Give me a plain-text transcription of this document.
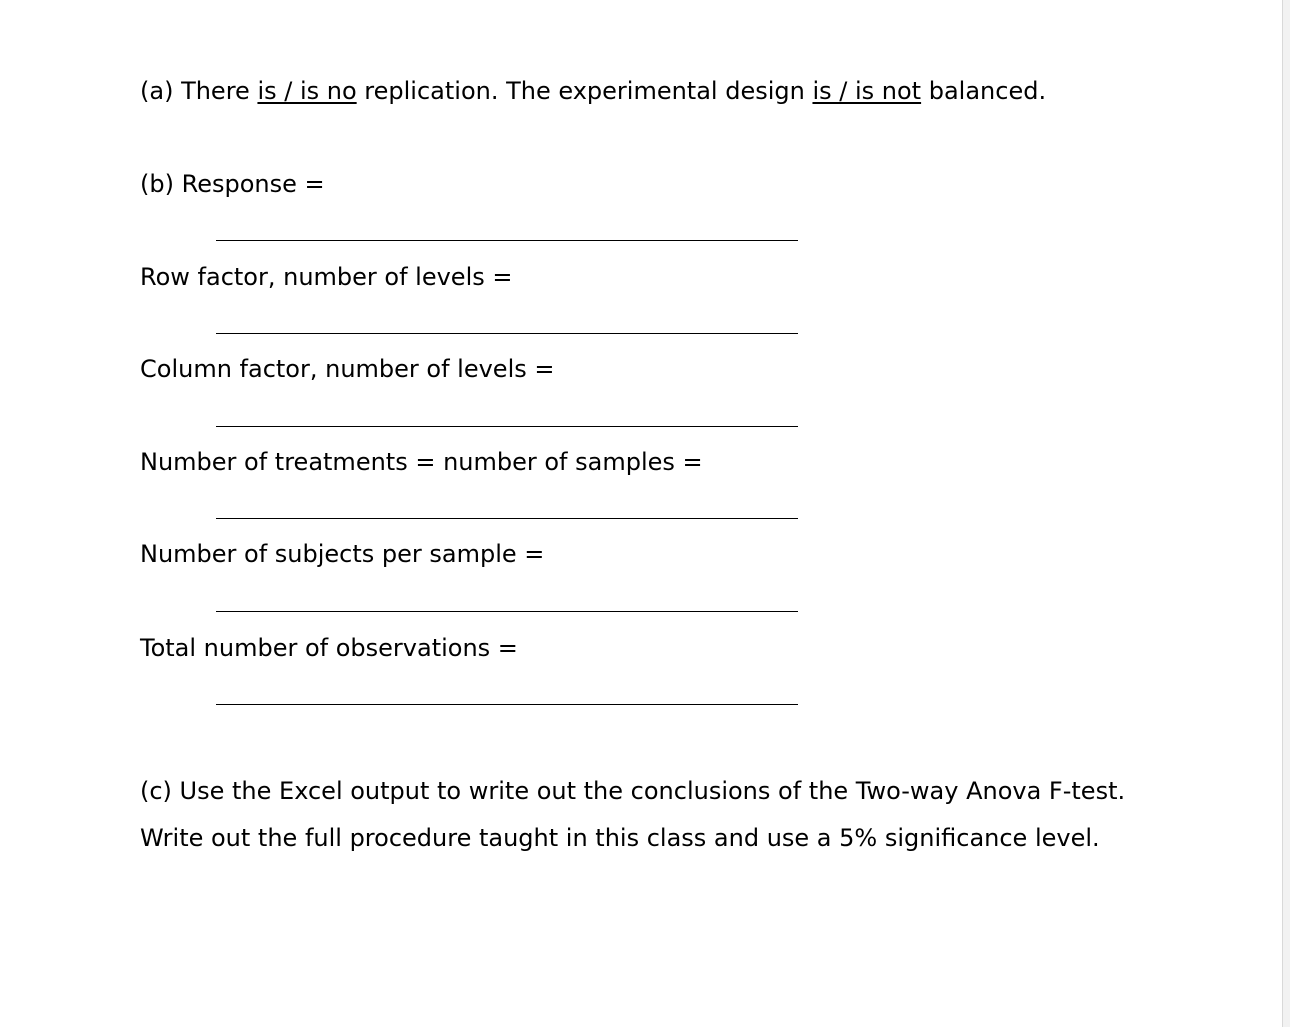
(a) There is / is no replication. The experimental design is / is not balanced.
(b) Response =
Row factor, number of levels =
Column factor, number of levels =
Number of treatments = number of samples =
Number of subjects per sample =
Total number of observations =
(c) Use the Excel output to write out the conclusions of the Two-way Anova F-test. Write out the full procedure taught in this class and use a 5% significance level.
